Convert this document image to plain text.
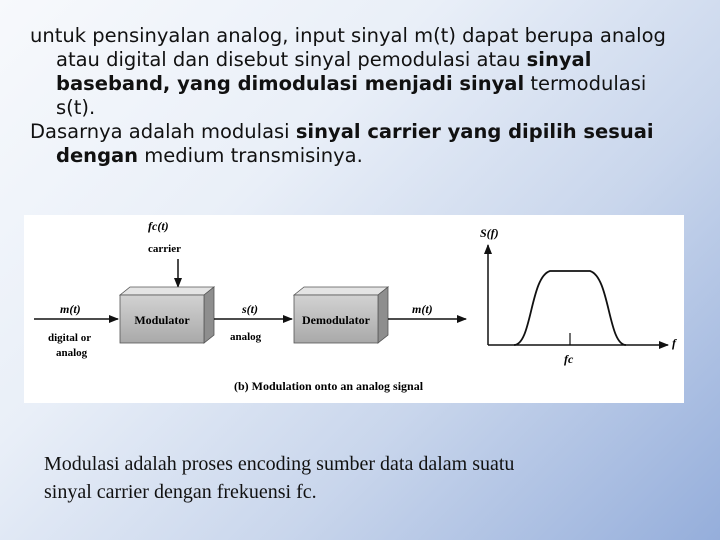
untuk pensinyalan analog, input sinyal m(t) dapat berupa analog atau digital dan disebut sinyal pemodulasi atau sinyal baseband, yang dimodulasi menjadi sinyal termodulasi s(t).

Dasarnya adalah modulasi sinyal carrier yang dipilih sesuai dengan medium transmisinya.

fc(t)
carrier
m(t)
digital or
analog
Modulator
s(t)
analog
Demodulator
m(t)
(b) Modulation onto an analog signal
S(f)
f
fc
Modulasi adalah proses encoding sumber data dalam suatu
sinyal carrier dengan frekuensi fc.
